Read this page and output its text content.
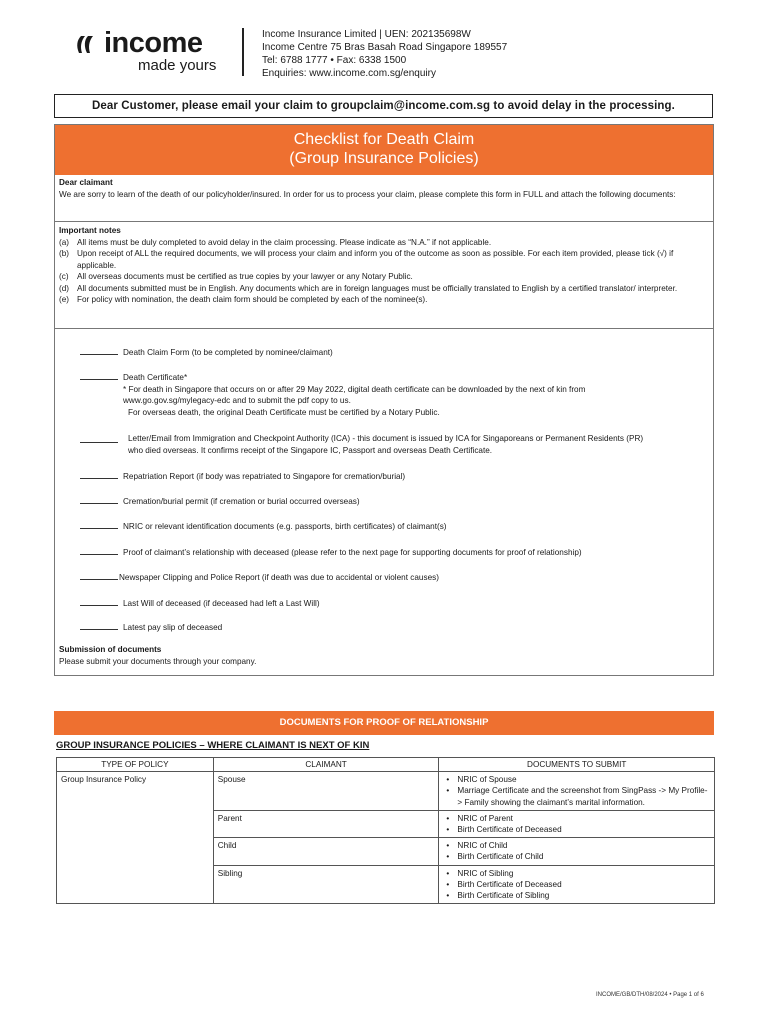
income
made yours
Income Insurance Limited | UEN: 202135698W
Income Centre 75 Bras Basah Road Singapore 189557
Tel: 6788 1777 • Fax: 6338 1500
Enquiries: www.income.com.sg/enquiry
Dear Customer, please email your claim to groupclaim@income.com.sg to avoid delay in the processing.
Checklist for Death Claim
(Group Insurance Policies)
Dear claimant
We are sorry to learn of the death of our policyholder/insured. In order for us to process your claim, please complete this form in FULL and attach the following documents:
Important notes
(a) All items must be duly completed to avoid delay in the claim processing. Please indicate as “N.A.” if not applicable.
(b) Upon receipt of ALL the required documents, we will process your claim and inform you of the outcome as soon as possible. For each item provided, please tick (√) if applicable.
(c) All overseas documents must be certified as true copies by your lawyer or any Notary Public.
(d) All documents submitted must be in English. Any documents which are in foreign languages must be officially translated to English by a certified translator/ interpreter.
(e) For policy with nomination, the death claim form should be completed by each of the nominee(s).
Death Claim Form (to be completed by nominee/claimant)
Death Certificate*
* For death in Singapore that occurs on or after 29 May 2022, digital death certificate can be downloaded by the next of kin from www.go.gov.sg/mylegacy-edc and to submit the pdf copy to us.
For overseas death, the original Death Certificate must be certified by a Notary Public.
Letter/Email from Immigration and Checkpoint Authority (ICA) - this document is issued by ICA for Singaporeans or Permanent Residents (PR) who died overseas. It confirms receipt of the Singapore IC, Passport and overseas Death Certificate.
Repatriation Report (if body was repatriated to Singapore for cremation/burial)
Cremation/burial permit (if cremation or burial occurred overseas)
NRIC or relevant identification documents (e.g. passports, birth certificates) of claimant(s)
Proof of claimant’s relationship with deceased (please refer to the next page for supporting documents for proof of relationship)
Newspaper Clipping and Police Report (if death was due to accidental or violent causes)
Last Will of deceased (if deceased had left a Last Will)
Latest pay slip of deceased
Submission of documents
Please submit your documents through your company.
DOCUMENTS FOR PROOF OF RELATIONSHIP
GROUP INSURANCE POLICIES – WHERE CLAIMANT IS NEXT OF KIN
TYPE OF POLICY	CLAIMANT	DOCUMENTS TO SUBMIT
Group Insurance Policy	Spouse	• NRIC of Spouse
• Marriage Certificate and the screenshot from SingPass -> My Profile-> Family showing the claimant’s marital information.

	Parent	• NRIC of Parent
• Birth Certificate of Deceased

	Child	• NRIC of Child
• Birth Certificate of Child

	Sibling	• NRIC of Sibling
• Birth Certificate of Deceased
• Birth Certificate of Sibling
INCOME/GB/DTH/08/2024 • Page 1 of 6
